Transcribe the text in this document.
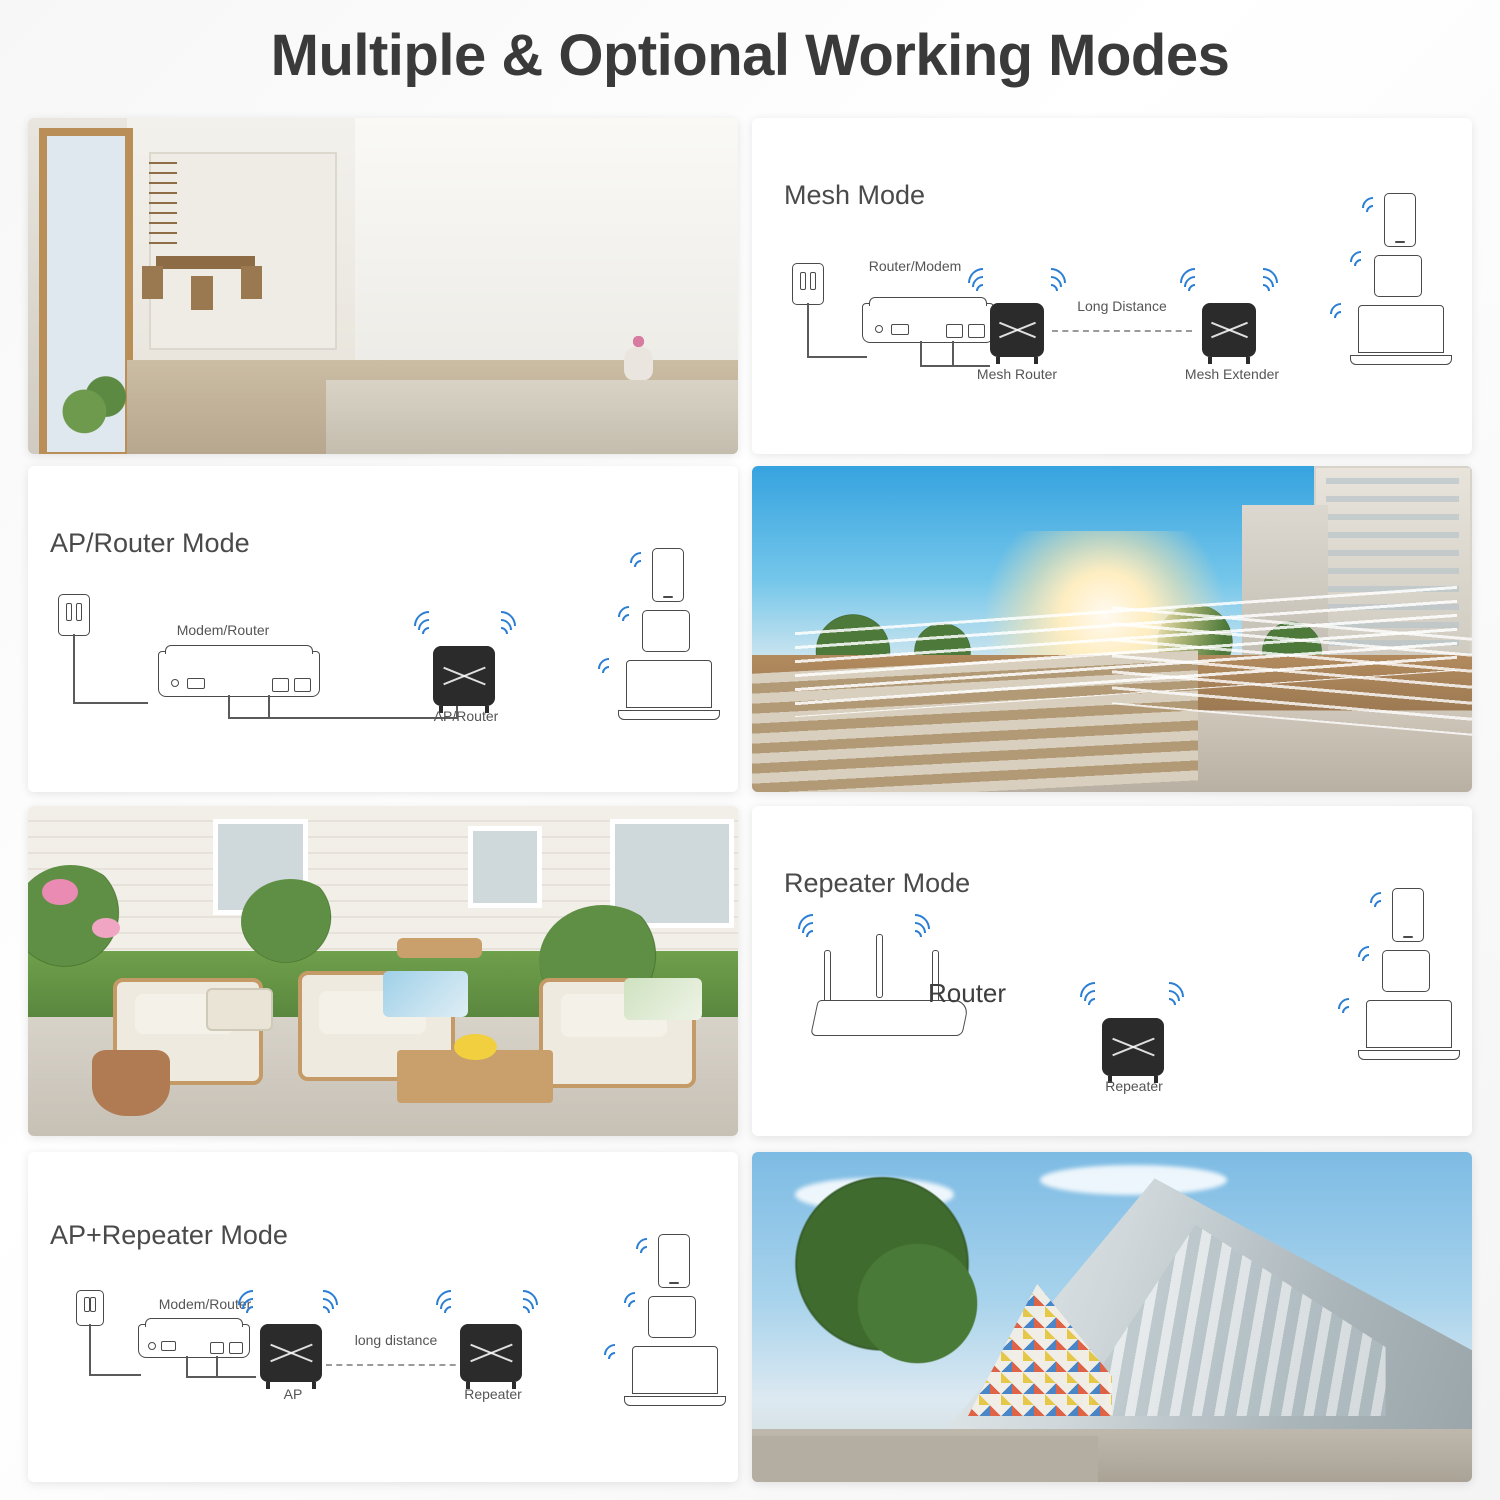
Multiple & Optional Working Modes
Mesh Mode
Router/Modem
Mesh Router
Long Distance
Mesh Extender
AP/Router Mode
Modem/Router
AP/Router
Repeater Mode
Router
Repeater
AP+Repeater Mode
Modem/Router
AP
long distance
Repeater
